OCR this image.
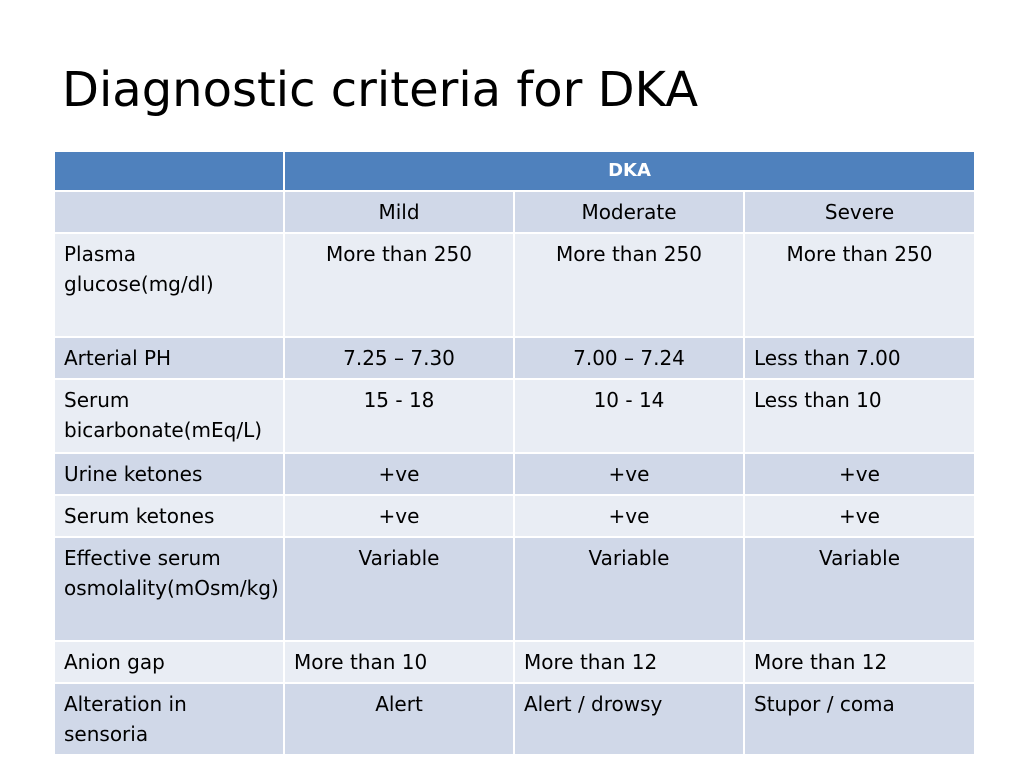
Diagnostic criteria for DKA
	DKA		
	Mild	Moderate	Severe
Plasma glucose(mg/dl)	More than 250	More than 250	More than 250
Arterial PH	7.25 – 7.30	7.00 – 7.24	Less than 7.00
Serum bicarbonate(mEq/L)	15 - 18	10 - 14	Less than 10
Urine ketones	+ve	+ve	+ve
Serum ketones	+ve	+ve	+ve
Effective serum osmolality(mOsm/kg)	Variable	Variable	Variable
Anion gap	More than 10	More than 12	More than 12
Alteration in sensoria	Alert	Alert / drowsy	Stupor / coma
